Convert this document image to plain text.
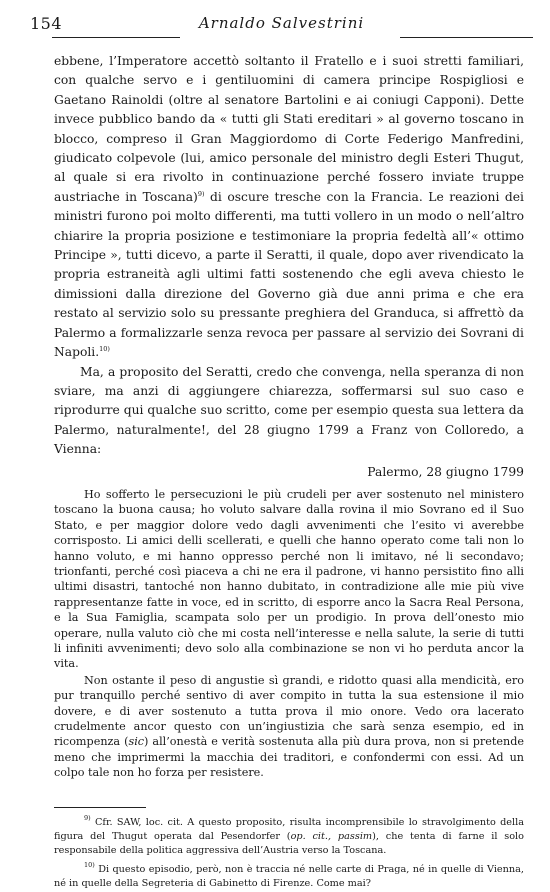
154	Arnaldo Salvestrini

ebbene, l’Imperatore accettò soltanto il Fratello e i suoi stretti familiari, con qualche servo e i gentiluomini di camera principe Rospigliosi e Gaetano Rainoldi (oltre al senatore Bartolini e ai coniugi Capponi). Dette invece pubblico bando da « tutti gli Stati ereditari » al governo toscano in blocco, compreso il Gran Maggiordomo di Corte Federigo Manfredini, giudicato colpevole (lui, amico personale del ministro degli Esteri Thugut, al quale si era rivolto in continuazione perché fossero inviate truppe austriache in Toscana)$^{9)}$ di oscure tresche con la Francia. Le reazioni dei ministri furono poi molto differenti, ma tutti vollero in un modo o nell’altro chiarire la propria posizione e testimoniare la propria fedeltà all’« ottimo Principe », tutti dicevo, a parte il Seratti, il quale, dopo aver rivendicato la propria estraneità agli ultimi fatti sostenendo che egli aveva chiesto le dimissioni dalla direzione del Governo già due anni prima e che era restato al servizio solo su pressante preghiera del Granduca, si affrettò da Palermo a formalizzarle senza revoca per passare al servizio dei Sovrani di Napoli.$^{10)}$

Ma, a proposito del Seratti, credo che convenga, nella speranza di non sviare, ma anzi di aggiungere chiarezza, soffermarsi sul suo caso e riprodurre qui qualche suo scritto, come per esempio questa sua lettera da Palermo, naturalmente!, del 28 giugno 1799 a Franz von Colloredo, a Vienna:

Palermo, 28 giugno 1799

Ho sofferto le persecuzioni le più crudeli per aver sostenuto nel ministero toscano la buona causa; ho voluto salvare dalla rovina il mio Sovrano ed il Suo Stato, e per maggior dolore vedo dagli avvenimenti che l’esito vi averebbe corrisposto. Li amici delli scellerati, e quelli che hanno operato come tali non lo hanno voluto, e mi hanno oppresso perché non li imitavo, né li secondavo; trionfanti, perché così piaceva a chi ne era il padrone, vi hanno persistito fino alli ultimi disastri, tantoché non hanno dubitato, in contradizione alle mie più vive rappresentanze fatte in voce, ed in scritto, di esporre anco la Sacra Real Persona, e la Sua Famiglia, scampata solo per un prodigio. In prova dell’onesto mio operare, nulla valuto ciò che mi costa nell’interesse e nella salute, la serie di tutti li infiniti avvenimenti; devo solo alla combinazione se non vi ho perduta ancor la vita.

Non ostante il peso di angustie sì grandi, e ridotto quasi alla mendicità, ero pur tranquillo perché sentivo di aver compito in tutta la sua estensione il mio dovere, e di aver sostenuto a tutta prova il mio onore. Vedo ora lacerato crudelmente ancor questo con un’ingiustizia che sarà senza esempio, ed in ricompenza (sic) all’onestà e verità sostenuta alla più dura prova, non si pretende meno che imprimermi la macchia dei traditori, e confondermi con essi. Ad un colpo tale non ho forza per resistere.

$^{9)}$ Cfr. SAW, loc. cit. A questo proposito, risulta incomprensibile lo stravolgimento della figura del Thugut operata dal Pesendorfer (op. cit., passim), che tenta di farne il solo responsabile della politica aggressiva dell’Austria verso la Toscana.

$^{10)}$ Di questo episodio, però, non è traccia né nelle carte di Praga, né in quelle di Vienna, né in quelle della Segreteria di Gabinetto di Firenze. Come mai?
